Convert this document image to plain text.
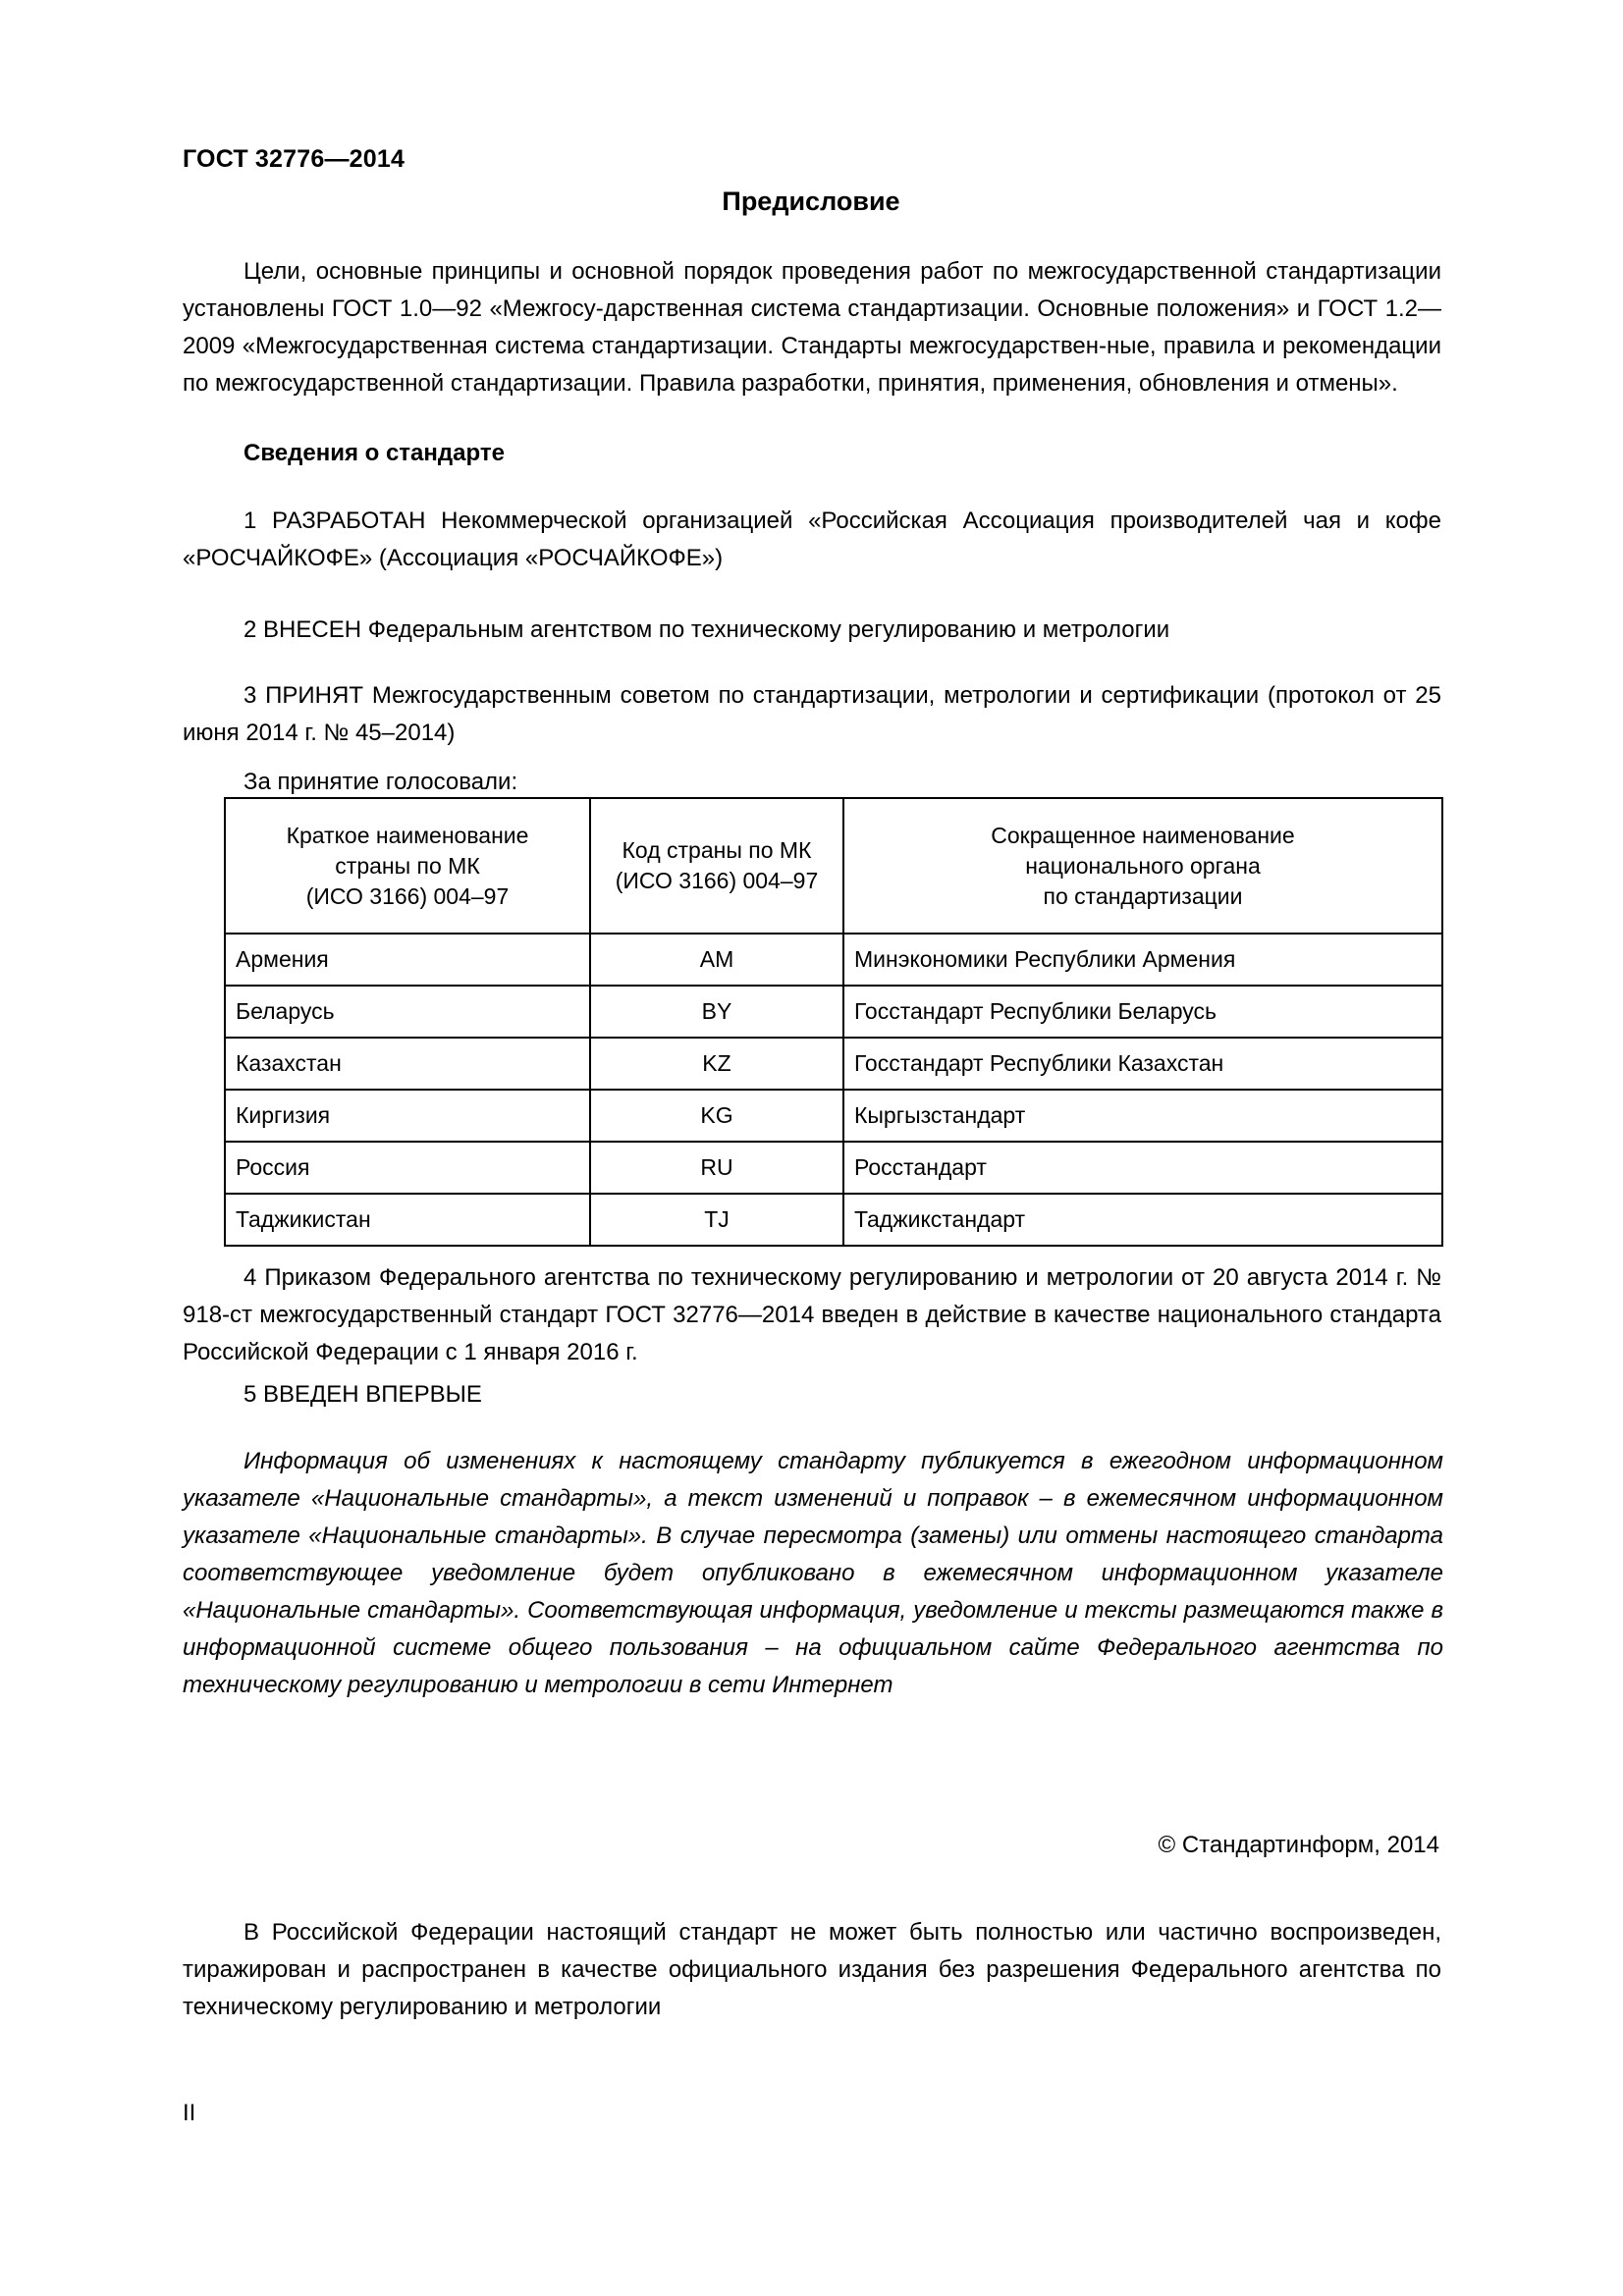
ГОСТ 32776—2014
Предисловие

Цели, основные принципы и основной порядок проведения работ по межгосударственной стандартизации установлены ГОСТ 1.0—92 «Межгосу-дарственная система стандартизации. Основные положения» и ГОСТ 1.2—2009 «Межгосударственная система стандартизации. Стандарты межгосударствен-ные, правила и рекомендации по межгосударственной стандартизации. Правила разработки, принятия, применения, обновления и отмены».

Сведения о стандарте

1 РАЗРАБОТАН Некоммерческой организацией «Российская Ассоциация производителей чая и кофе «РОСЧАЙКОФЕ» (Ассоциация «РОСЧАЙКОФЕ»)

2 ВНЕСЕН Федеральным агентством по техническому регулированию и метрологии

3 ПРИНЯТ Межгосударственным советом по стандартизации, метрологии и сертификации (протокол от 25 июня 2014 г. № 45–2014)

За принятие голосовали:
Краткое наименование
страны по МК
(ИСО 3166) 004–97	Код страны по МК
(ИСО 3166) 004–97	Сокращенное наименование
национального органа
по стандартизации
Армения	AM	Минэкономики Республики Армения
Беларусь	BY	Госстандарт Республики Беларусь
Казахстан	KZ	Госстандарт Республики Казахстан
Киргизия	KG	Кыргызстандарт
Россия	RU	Росстандарт
Таджикистан	TJ	Таджикстандарт

4 Приказом Федерального агентства по техническому регулированию и метрологии от 20 августа 2014 г. № 918-ст межгосударственный стандарт ГОСТ 32776—2014 введен в действие в качестве национального стандарта Российской Федерации с 1 января 2016 г.

5 ВВЕДЕН ВПЕРВЫЕ

Информация об изменениях к настоящему стандарту публикуется в ежегодном информационном указателе «Национальные стандарты», а текст изменений и поправок – в ежемесячном информационном указателе «Национальные стандарты». В случае пересмотра (замены) или отмены настоящего стандарта соответствующее уведомление будет опубликовано в ежемесячном информационном указателе «Национальные стандарты». Соответствующая информация, уведомление и тексты размещаются также в информационной системе общего пользования – на официальном сайте Федерального агентства по техническому регулированию и метрологии в сети Интернет

© Стандартинформ, 2014

В Российской Федерации настоящий стандарт не может быть полностью или частично воспроизведен, тиражирован и распространен в качестве официального издания без разрешения Федерального агентства по техническому регулированию и метрологии

II
